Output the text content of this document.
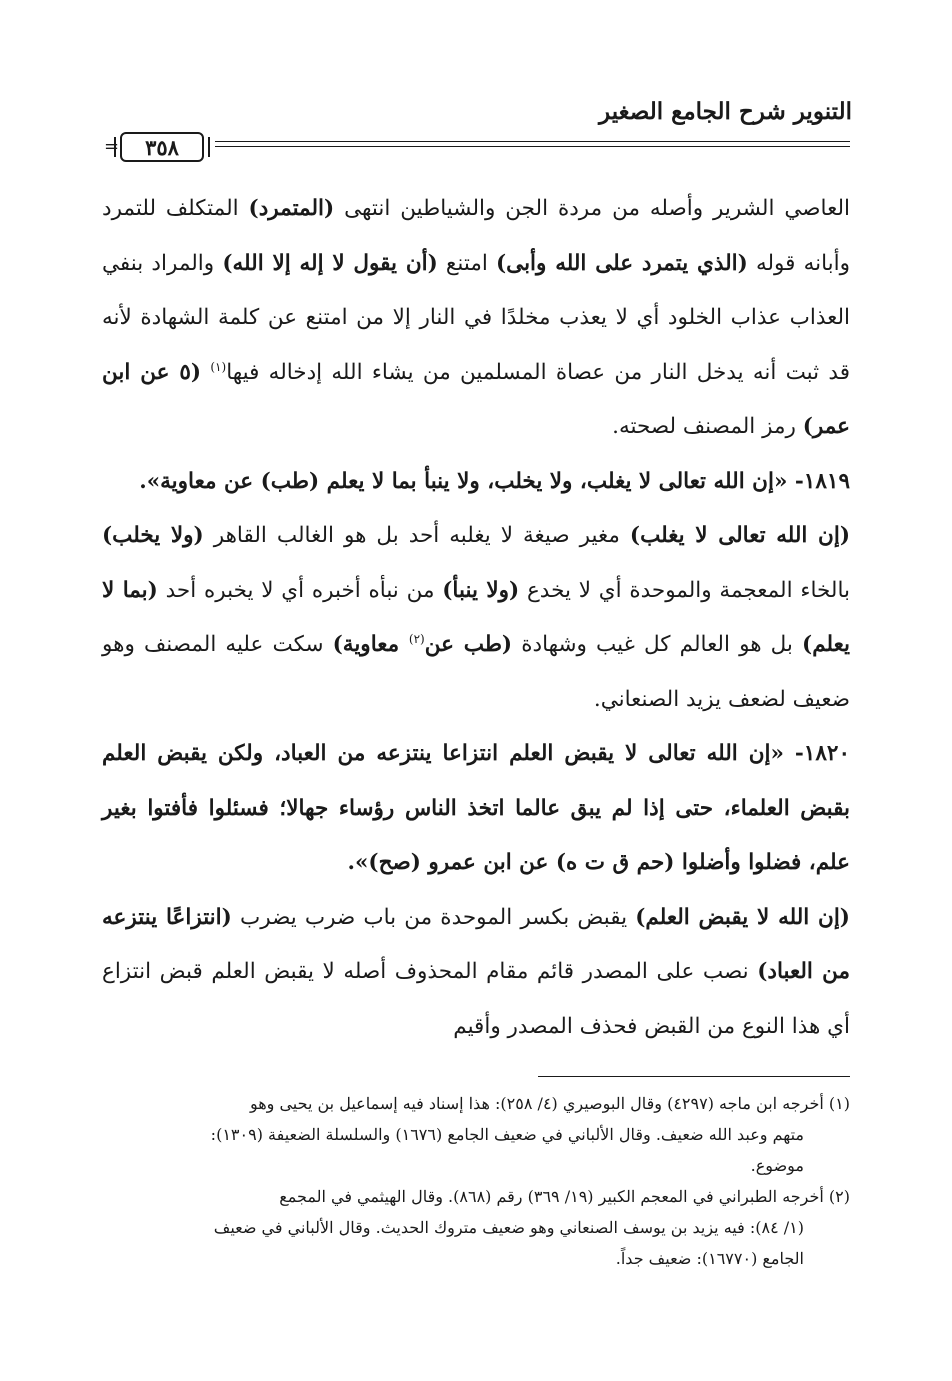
التنوير شرح الجامع الصغير
٣٥٨
=

العاصي الشرير وأصله من مردة الجن والشياطين انتهى (المتمرد) المتكلف للتمرد وأبانه قوله (الذي يتمرد على الله وأبى) امتنع (أن يقول لا إله إلا الله) والمراد بنفي العذاب عذاب الخلود أي لا يعذب مخلدًا في النار إلا من امتنع عن كلمة الشهادة لأنه قد ثبت أنه يدخل النار من عصاة المسلمين من يشاء الله إدخاله فيها$^{(١)}$ (٥ عن ابن عمر) رمز المصنف لصحته.

١٨١٩- «إن الله تعالى لا يغلب، ولا يخلب، ولا ينبأ بما لا يعلم (طب) عن معاوية».

(إن الله تعالى لا يغلب) مغير صيغة لا يغلبه أحد بل هو الغالب القاهر (ولا يخلب) بالخاء المعجمة والموحدة أي لا يخدع (ولا ينبأ) من نبأه أخبره أي لا يخبره أحد (بما لا يعلم) بل هو العالم كل غيب وشهادة (طب عن$^{(٢)}$ معاوية) سكت عليه المصنف وهو ضعيف لضعف يزيد الصنعاني.

١٨٢٠- «إن الله تعالى لا يقبض العلم انتزاعا ينتزعه من العباد، ولكن يقبض العلم بقبض العلماء، حتى إذا لم يبق عالما اتخذ الناس رؤساء جهالا؛ فسئلوا فأفتوا بغير علم، فضلوا وأضلوا (حم ق ت ه) عن ابن عمرو (صح)».

(إن الله لا يقبض العلم) يقبض بكسر الموحدة من باب ضرب يضرب (انتزاعًا ينتزعه من العباد) نصب على المصدر قائم مقام المحذوف أصله لا يقبض العلم قبض انتزاع أي هذا النوع من القبض فحذف المصدر وأقيم

(١) أخرجه ابن ماجه (٤٢٩٧) وقال البوصيري (٤/ ٢٥٨): هذا إسناد فيه إسماعيل بن يحيى وهو

متهم وعبد الله ضعيف. وقال الألباني في ضعيف الجامع (١٦٧٦) والسلسلة الضعيفة (١٣٠٩):

موضوع.

(٢) أخرجه الطبراني في المعجم الكبير (١٩/ ٣٦٩) رقم (٨٦٨). وقال الهيثمي في المجمع

(١/ ٨٤): فيه يزيد بن يوسف الصنعاني وهو ضعيف متروك الحديث. وقال الألباني في ضعيف

الجامع (١٦٧٧٠): ضعيف جداً.
